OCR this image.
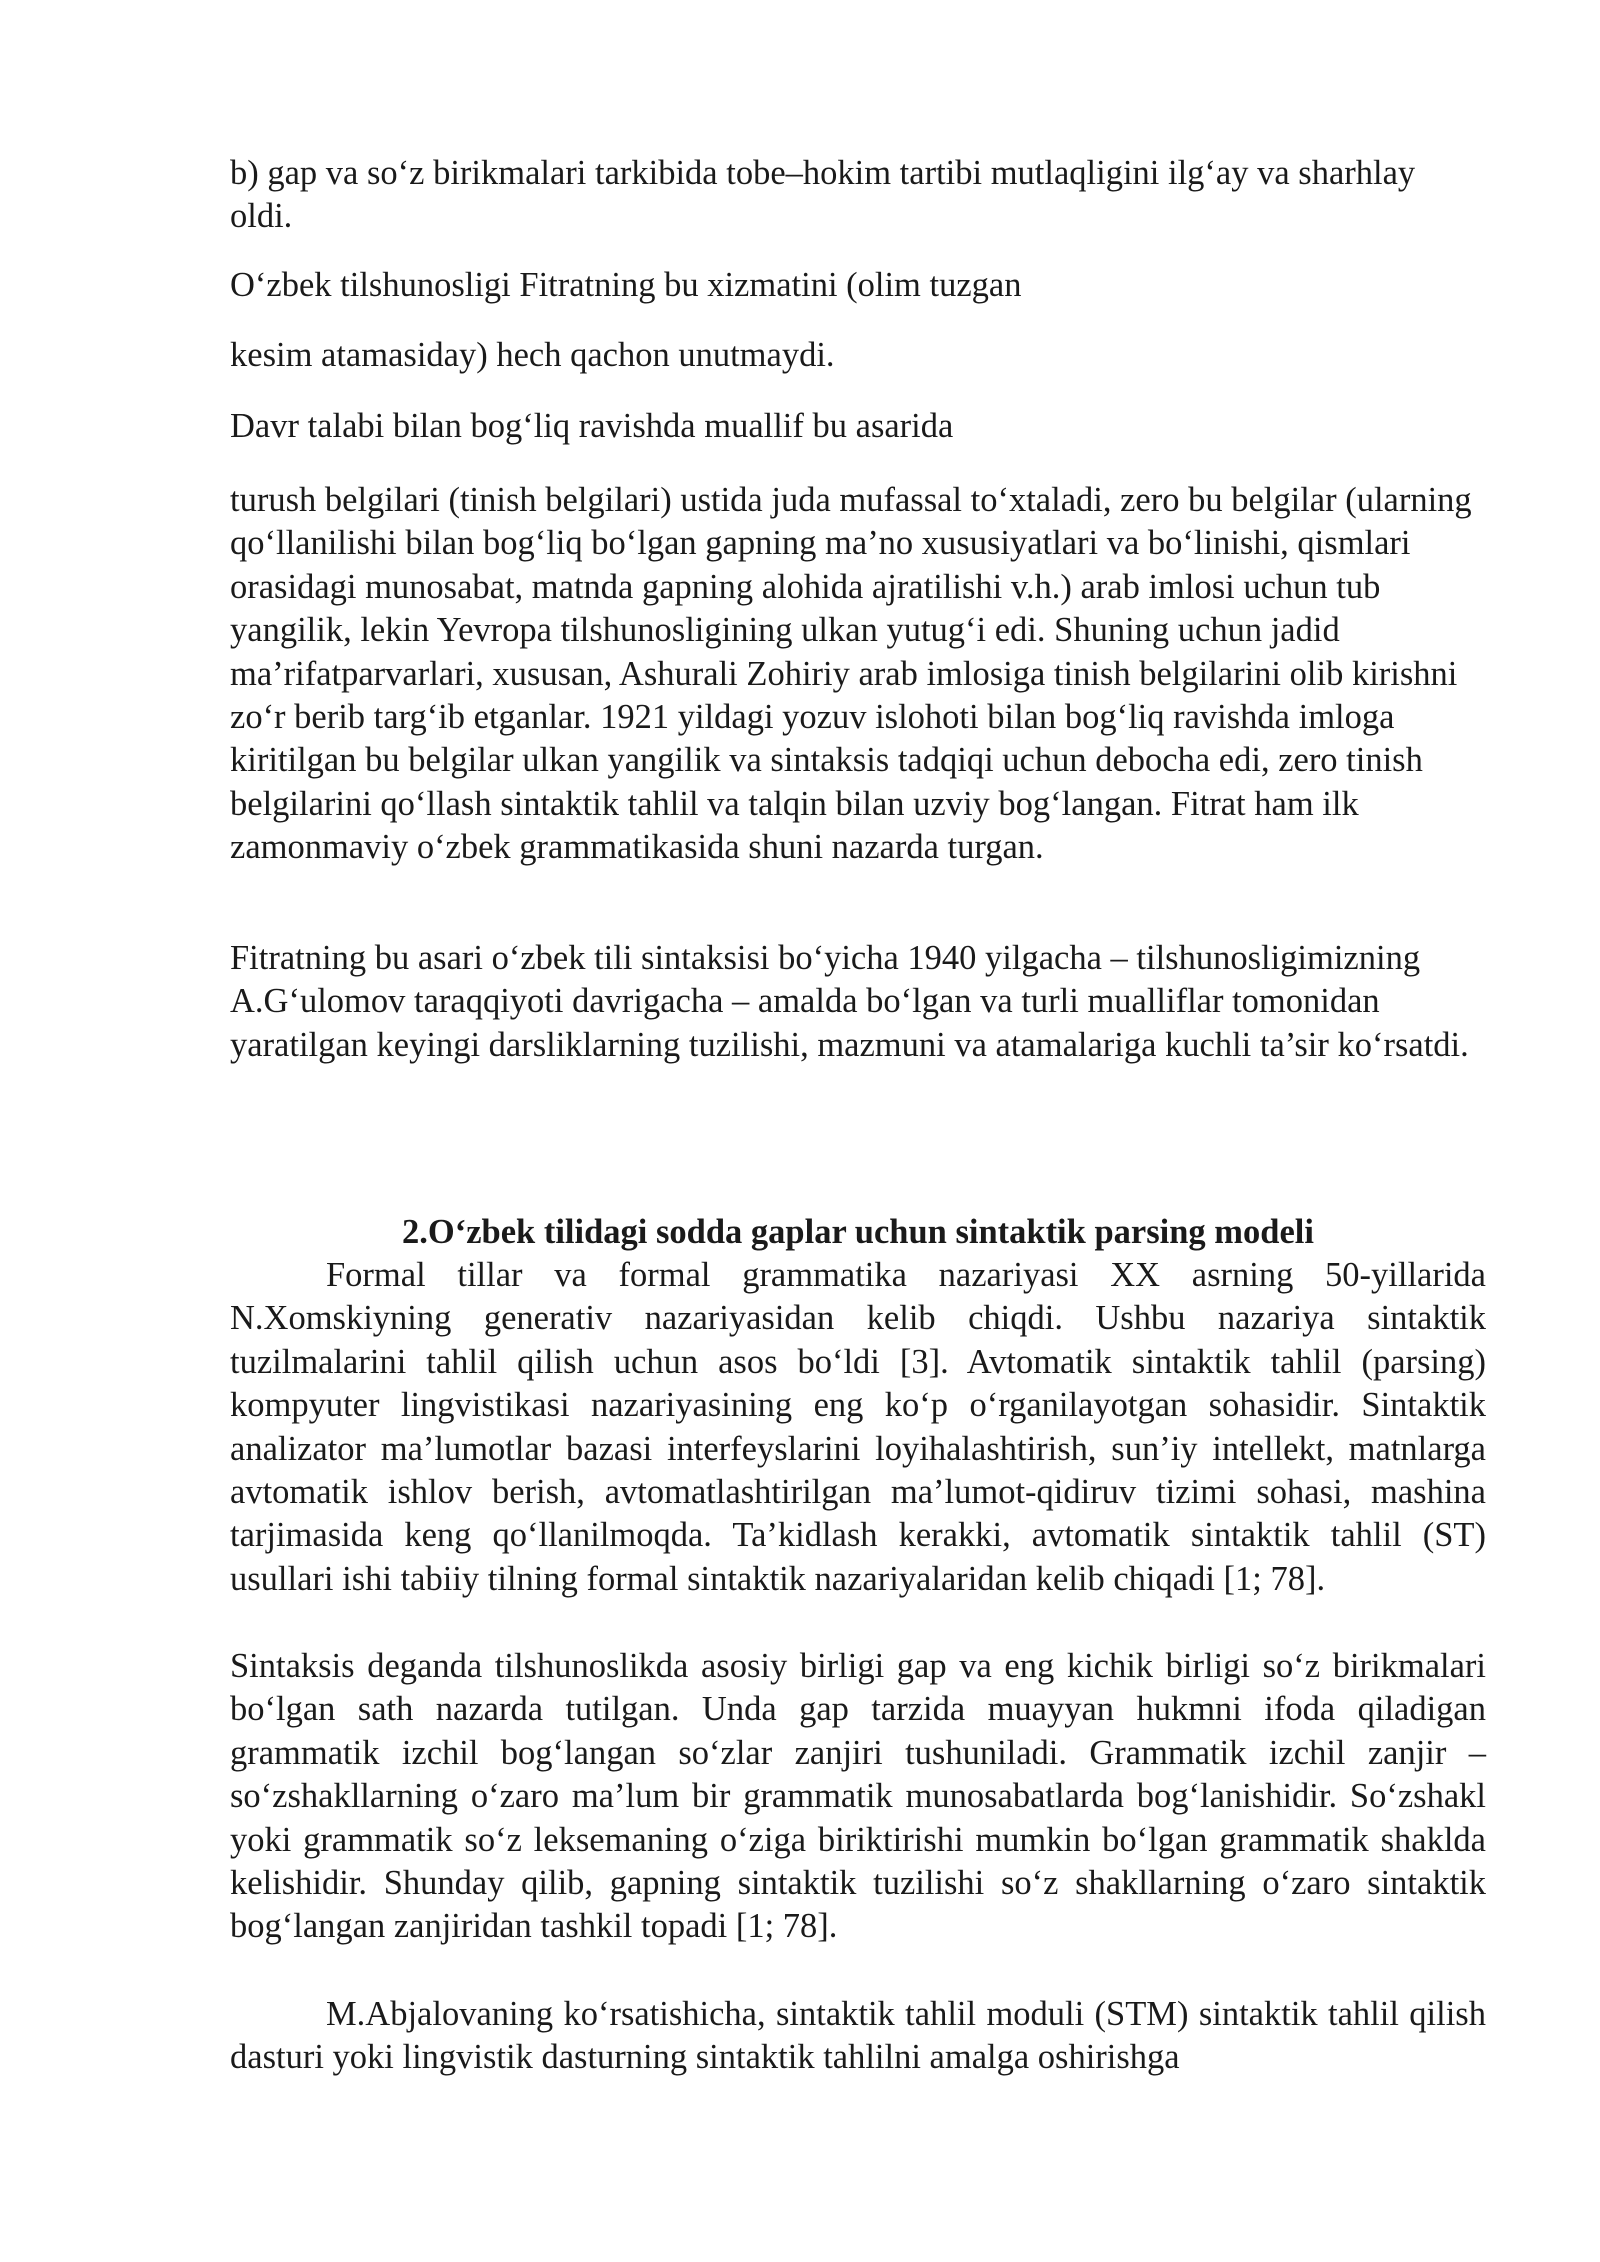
b) gap va so‘z birikmalari tarkibida tobe–hokim tartibi mutlaqligini ilg‘ay va sharhlay oldi.

O‘zbek tilshunosligi Fitratning bu xizmatini (olim tuzgan

kesim atamasiday) hech qachon unutmaydi.

Davr talabi bilan bog‘liq ravishda muallif bu asarida

turush belgilari (tinish belgilari) ustida juda mufassal to‘xtaladi, zero bu belgilar (ularning qo‘llanilishi bilan bog‘liq bo‘lgan gapning ma’no xususiyatlari va bo‘linishi, qismlari orasidagi munosabat, matnda gapning alohida ajratilishi v.h.) arab imlosi uchun tub yangilik, lekin Yevropa tilshunosligining ulkan yutug‘i edi. Shuning uchun jadid ma’rifatparvarlari, xususan, Ashurali Zohiriy arab imlosiga tinish belgilarini olib kirishni zo‘r berib targ‘ib etganlar. 1921 yildagi yozuv islohoti bilan bog‘liq ravishda imloga kiritilgan bu belgilar ulkan yangilik va sintaksis tadqiqi uchun debocha edi, zero tinish belgilarini qo‘llash sintaktik tahlil va talqin bilan uzviy bog‘langan. Fitrat ham ilk zamonmaviy o‘zbek grammatikasida shuni nazarda turgan.

Fitratning bu asari o‘zbek tili sintaksisi bo‘yicha 1940 yilgacha – tilshunosligimizning A.G‘ulomov taraqqiyoti davrigacha – amalda bo‘lgan va turli mualliflar tomonidan yaratilgan keyingi darsliklarning tuzilishi, mazmuni va atamalariga kuchli ta’sir ko‘rsatdi.

2.O‘zbek tilidagi sodda gaplar uchun sintaktik parsing modeli

Formal tillar va formal grammatika nazariyasi XX asrning 50-yillarida N.Xomskiyning generativ nazariyasidan kelib chiqdi. Ushbu nazariya sintaktik tuzilmalarini tahlil qilish uchun asos bo‘ldi [3]. Avtomatik sintaktik tahlil (parsing) kompyuter lingvistikasi nazariyasining eng ko‘p o‘rganilayotgan sohasidir. Sintaktik analizator ma’lumotlar bazasi interfeyslarini loyihalashtirish, sun’iy intellekt, matnlarga avtomatik ishlov berish, avtomatlashtirilgan ma’lumot-qidiruv tizimi sohasi, mashina tarjimasida keng qo‘llanilmoqda. Ta’kidlash kerakki, avtomatik sintaktik tahlil (ST) usullari ishi tabiiy tilning formal sintaktik nazariyalaridan kelib chiqadi [1; 78].

Sintaksis deganda tilshunoslikda asosiy birligi gap va eng kichik birligi so‘z birikmalari bo‘lgan sath nazarda tutilgan. Unda gap tarzida muayyan hukmni ifoda qiladigan grammatik izchil bog‘langan so‘zlar zanjiri tushuniladi. Grammatik izchil zanjir – so‘zshakllarning o‘zaro ma’lum bir grammatik munosabatlarda bog‘lanishidir. So‘zshakl yoki grammatik so‘z leksemaning o‘ziga biriktirishi mumkin bo‘lgan grammatik shaklda kelishidir. Shunday qilib, gapning sintaktik tuzilishi so‘z shakllarning o‘zaro sintaktik bog‘langan zanjiridan tashkil topadi [1; 78].

M.Abjalovaning ko‘rsatishicha, sintaktik tahlil moduli (STM) sintaktik tahlil qilish dasturi yoki lingvistik dasturning sintaktik tahlilni amalga oshirishga
